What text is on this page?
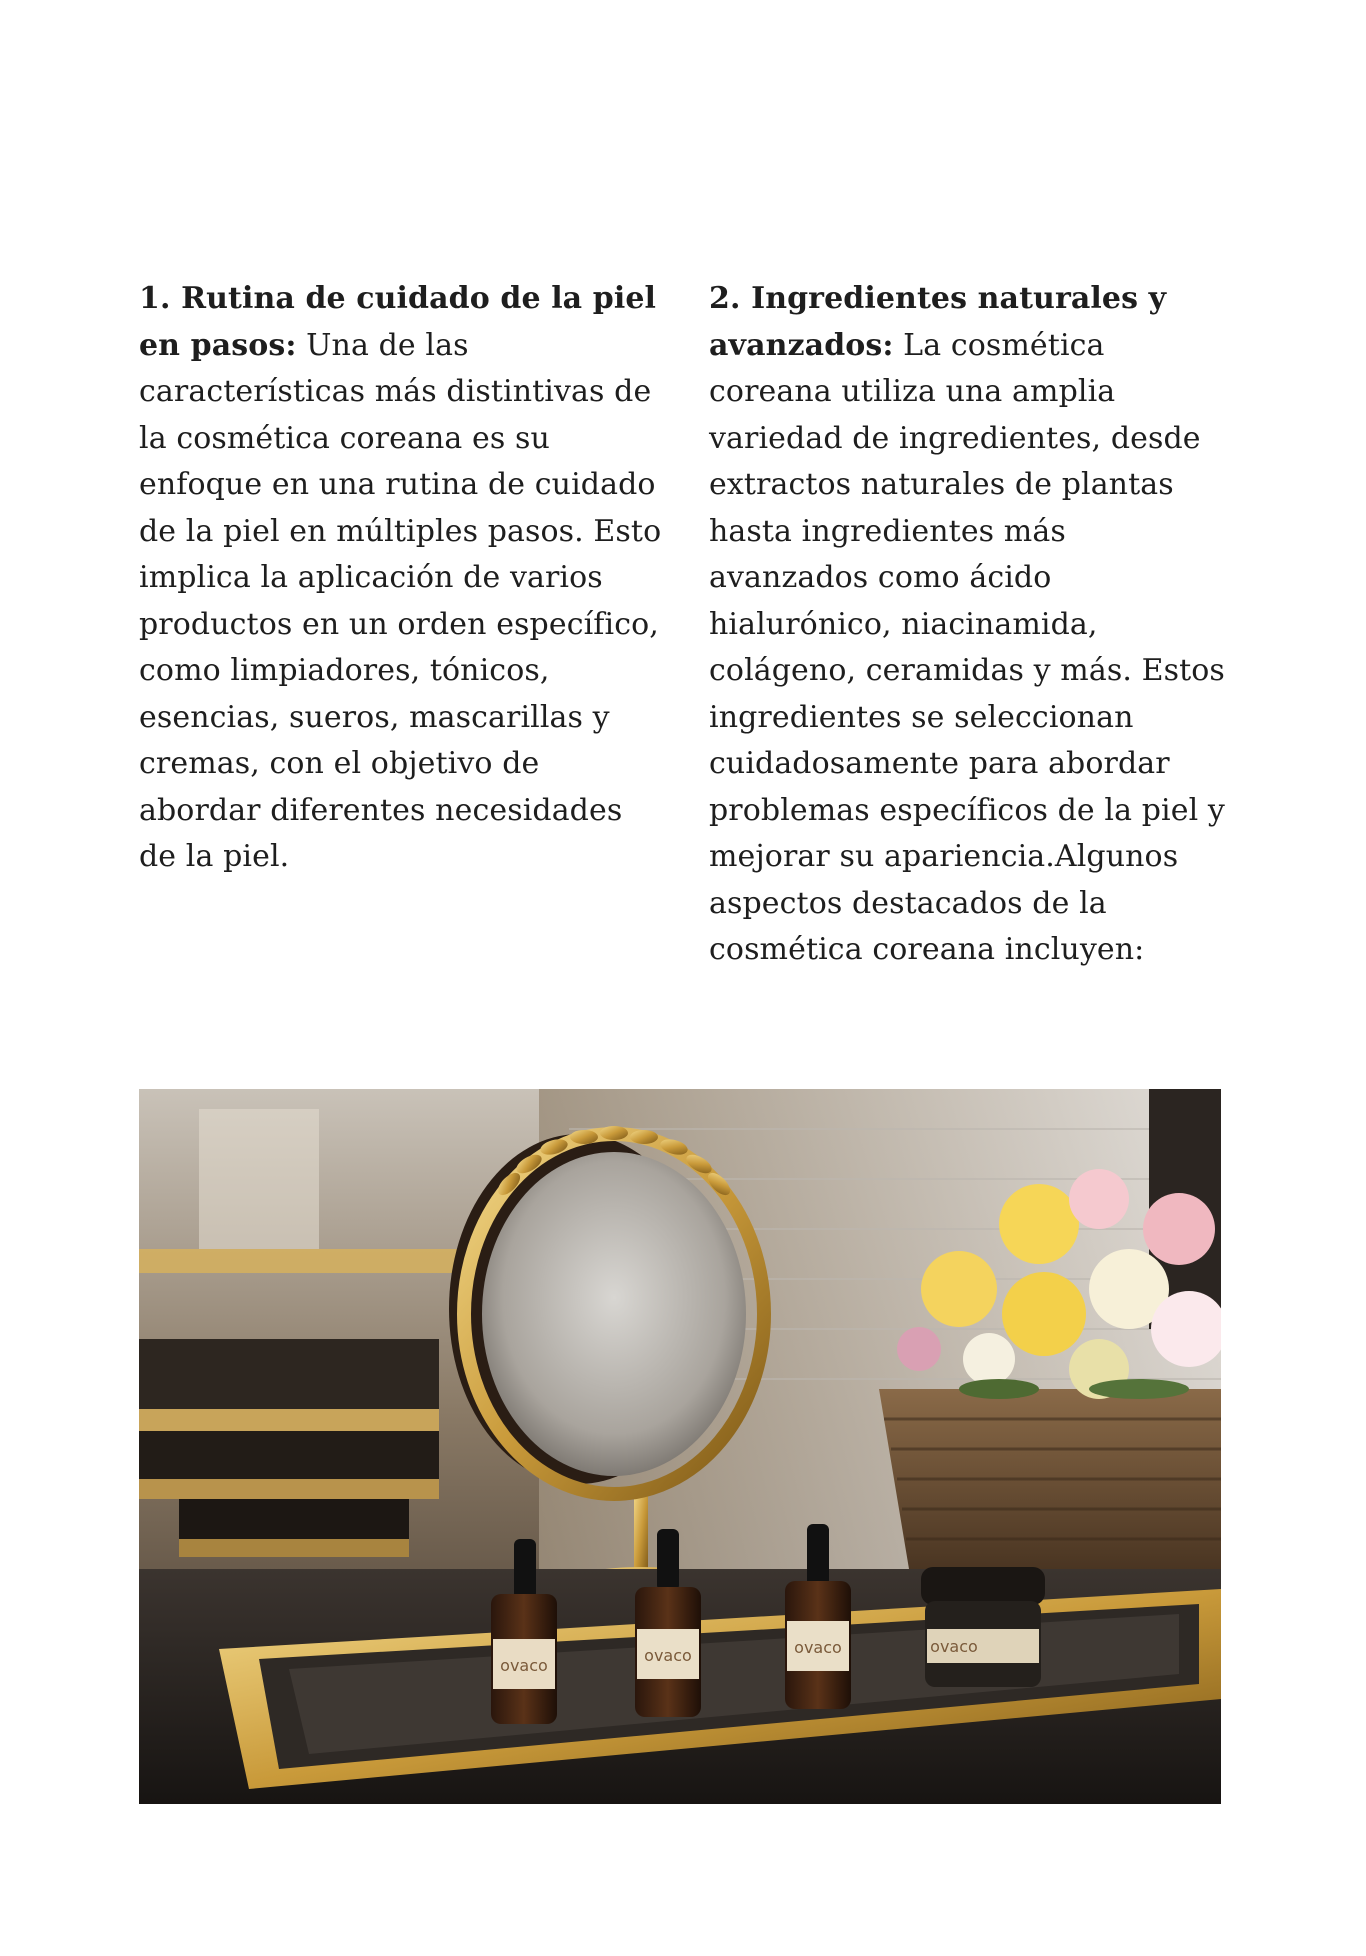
1. Rutina de cuidado de la piel en pasos: Una de las características más distintivas de la cosmética coreana es su enfoque en una rutina de cuidado de la piel en múltiples pasos. Esto implica la aplicación de varios productos en un orden específico, como limpiadores, tónicos, esencias, sueros, mascarillas y cremas, con el objetivo de abordar diferentes necesidades de la piel.
2. Ingredientes naturales y avanzados: La cosmética coreana utiliza una amplia variedad de ingredientes, desde extractos naturales de plantas hasta ingredientes más avanzados como ácido hialurónico, niacinamida, colágeno, ceramidas y más. Estos ingredientes se seleccionan cuidadosamente para abordar problemas específicos de la piel y mejorar su apariencia.Algunos aspectos destacados de la cosmética coreana incluyen:
ovaco
ovaco	ovaco	ovaco
